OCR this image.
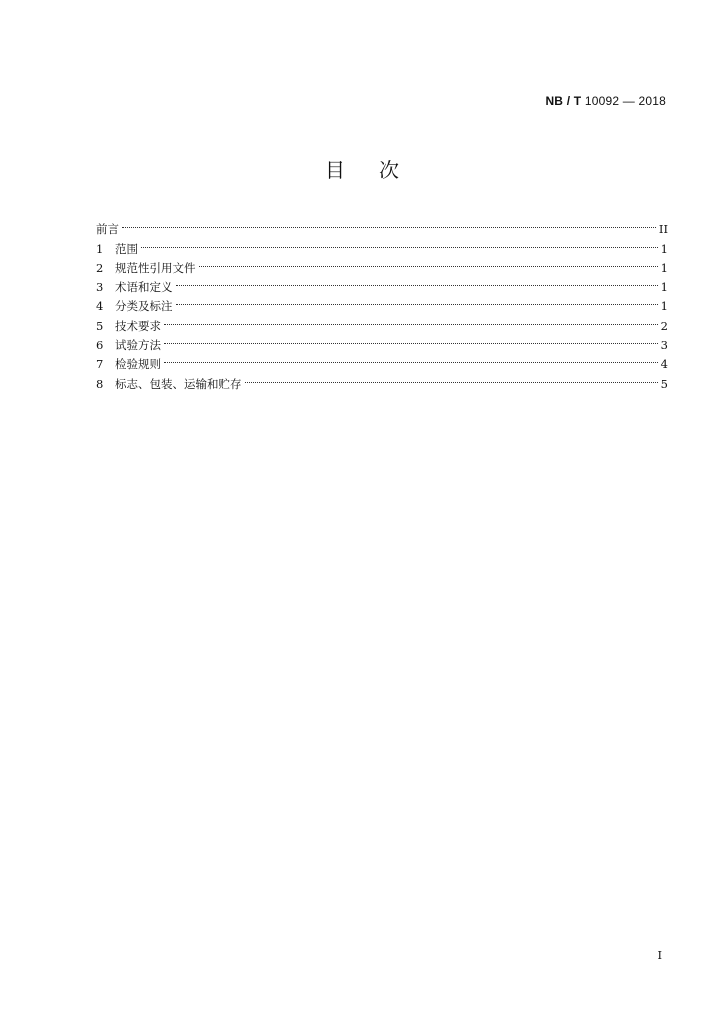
NB / T 10092 — 2018
目次
前言	II
1	范围	1
2	规范性引用文件	1
3	术语和定义	1
4	分类及标注	1
5	技术要求	2
6	试验方法	3
7	检验规则	4
8	标志、包装、运输和贮存	5
I
